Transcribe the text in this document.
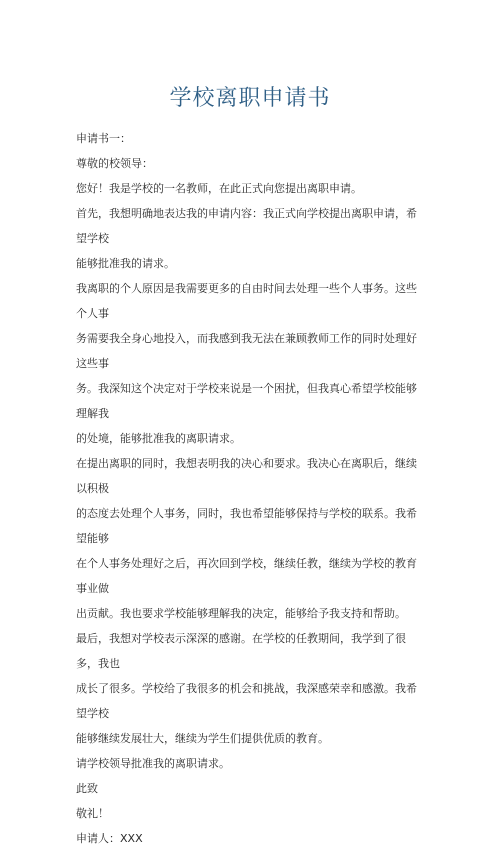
学校离职申请书

申请书一：

尊敬的校领导：

您好！我是学校的一名教师，在此正式向您提出离职申请。

首先，我想明确地表达我的申请内容：我正式向学校提出离职申请，希望学校

能够批准我的请求。

我离职的个人原因是我需要更多的自由时间去处理一些个人事务。这些个人事

务需要我全身心地投入，而我感到我无法在兼顾教师工作的同时处理好这些事

务。我深知这个决定对于学校来说是一个困扰，但我真心希望学校能够理解我

的处境，能够批准我的离职请求。

在提出离职的同时，我想表明我的决心和要求。我决心在离职后，继续以积极

的态度去处理个人事务，同时，我也希望能够保持与学校的联系。我希望能够

在个人事务处理好之后，再次回到学校，继续任教，继续为学校的教育事业做

出贡献。我也要求学校能够理解我的决定，能够给予我支持和帮助。

最后，我想对学校表示深深的感谢。在学校的任教期间，我学到了很多，我也

成长了很多。学校给了我很多的机会和挑战，我深感荣幸和感激。我希望学校

能够继续发展壮大，继续为学生们提供优质的教育。

请学校领导批准我的离职请求。

此致

敬礼！

申请人：XXX
